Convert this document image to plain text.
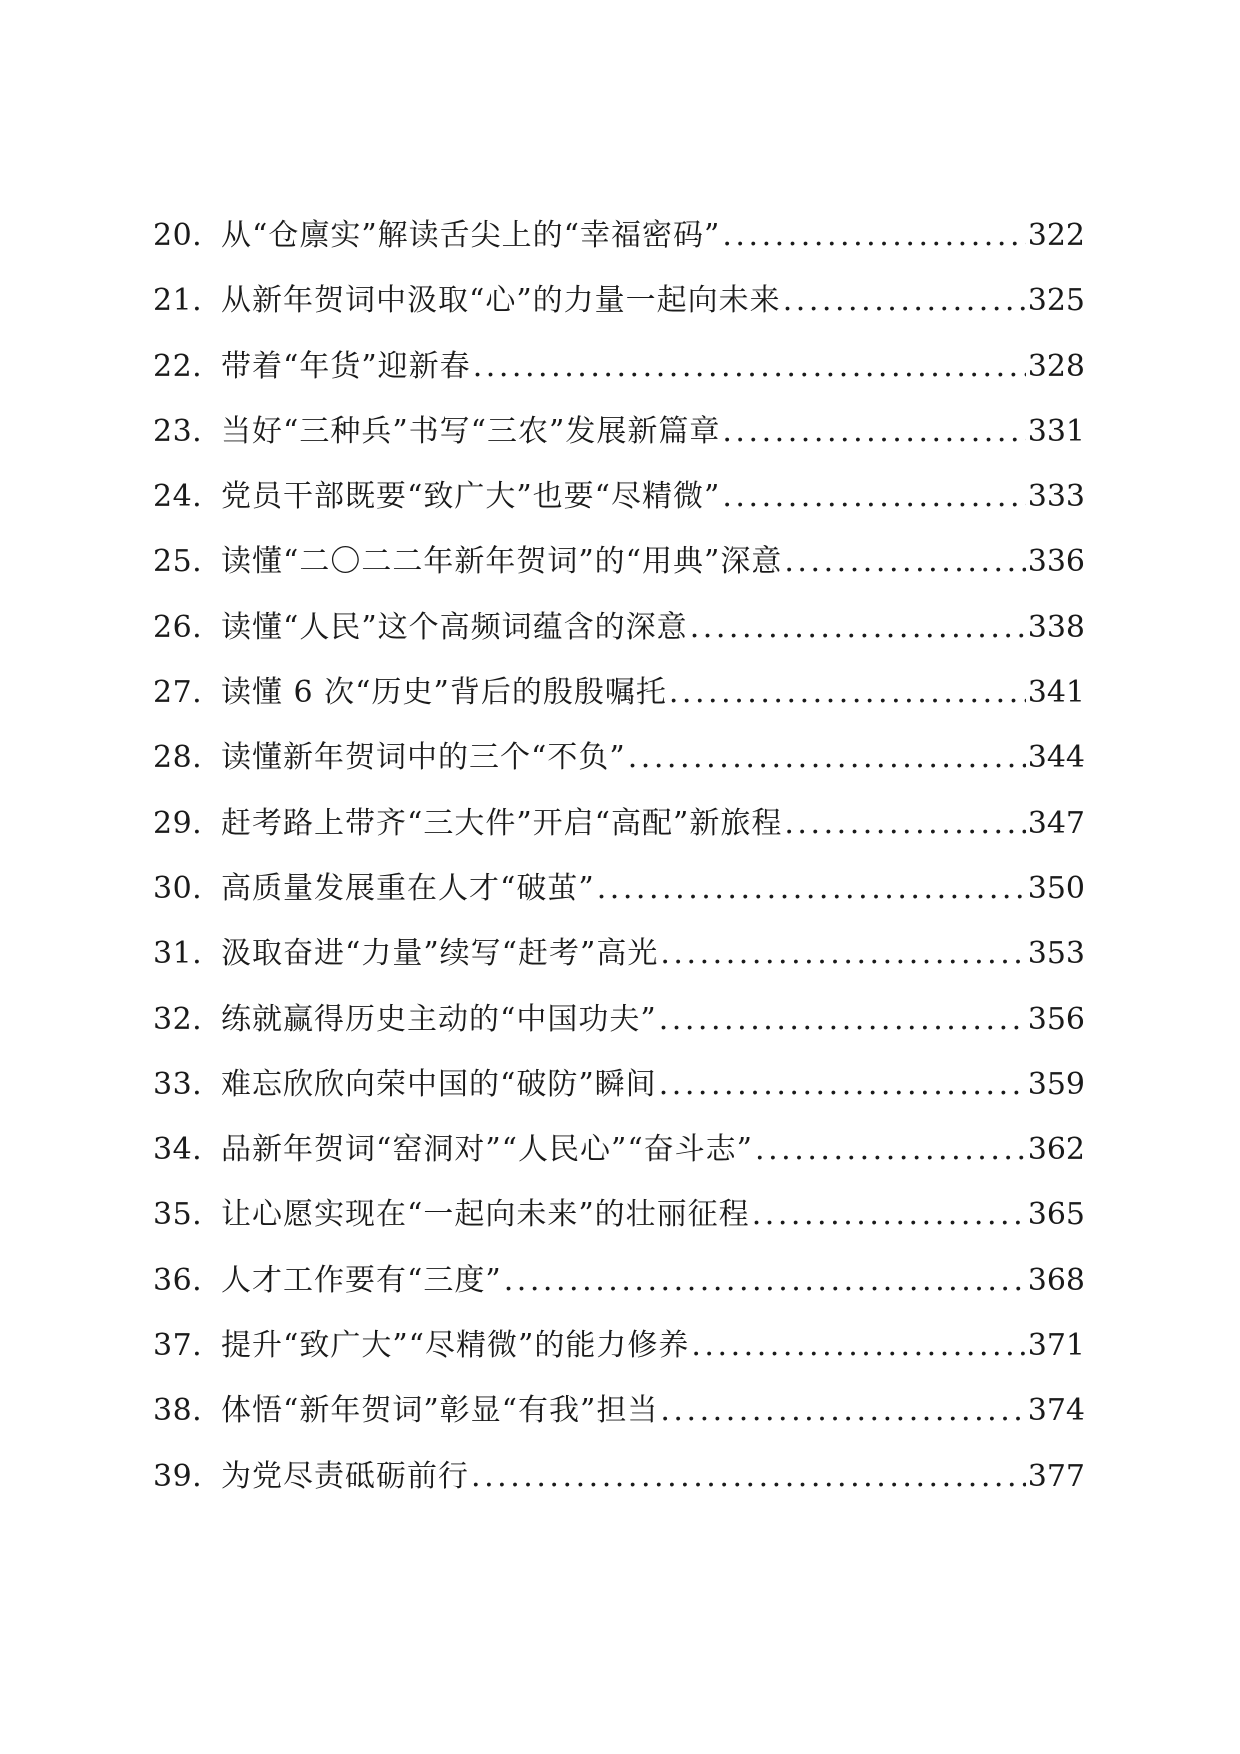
20. 从“仓廪实”解读舌尖上的“幸福密码” . . .	322
21. 从新年贺词中汲取“心”的力量一起向未来 . . .	325
22. 带着“年货”迎新春 . . .	328
23. 当好“三种兵”书写“三农”发展新篇章 . . .	331
24. 党员干部既要“致广大”也要“尽精微” . . .	333
25. 读懂“二〇二二年新年贺词”的“用典”深意 . . .	336
26. 读懂“人民”这个高频词蕴含的深意 . . .	338
27. 读懂 6 次“历史”背后的殷殷嘱托 . . .	341
28. 读懂新年贺词中的三个“不负” . . .	344
29. 赶考路上带齐“三大件”开启“高配”新旅程 . . .	347
30. 高质量发展重在人才“破茧” . . .	350
31. 汲取奋进“力量”续写“赶考”高光 . . .	353
32. 练就赢得历史主动的“中国功夫” . . .	356
33. 难忘欣欣向荣中国的“破防”瞬间 . . .	359
34. 品新年贺词“窑洞对”“人民心”“奋斗志” . . .	362
35. 让心愿实现在“一起向未来”的壮丽征程 . . .	365
36. 人才工作要有“三度” . . .	368
37. 提升“致广大”“尽精微”的能力修养 . . .	371
38. 体悟“新年贺词”彰显“有我”担当 . . .	374
39. 为党尽责砥砺前行 . . .	377
